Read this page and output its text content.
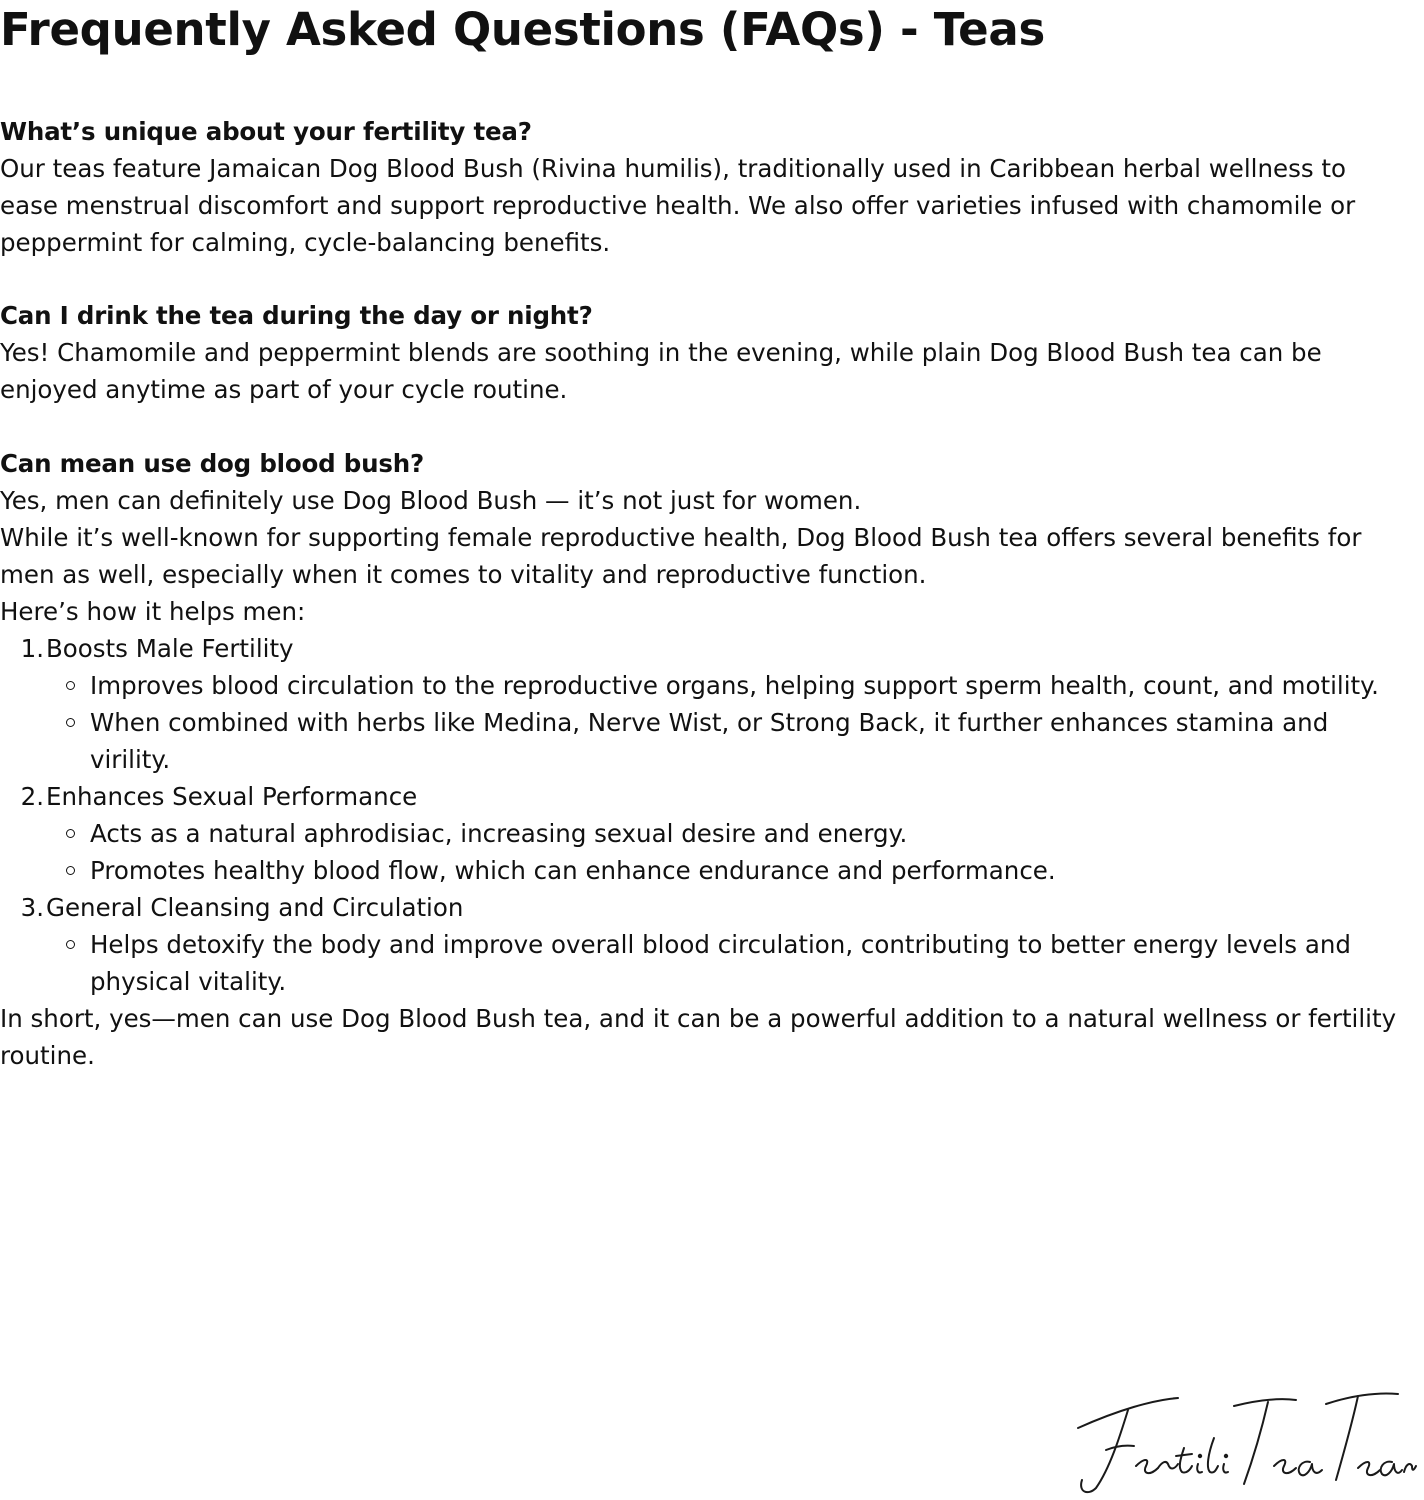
Frequently Asked Questions (FAQs) - Teas

What’s unique about your fertility tea?

Our teas feature Jamaican Dog Blood Bush (Rivina humilis), traditionally used in Caribbean herbal wellness to ease menstrual discomfort and support reproductive health. We also offer varieties infused with chamomile or peppermint for calming, cycle-balancing benefits.

Can I drink the tea during the day or night?

Yes! Chamomile and peppermint blends are soothing in the evening, while plain Dog Blood Bush tea can be enjoyed anytime as part of your cycle routine.

Can mean use dog blood bush?

Yes, men can definitely use Dog Blood Bush — it’s not just for women.

While it’s well-known for supporting female reproductive health, Dog Blood Bush tea offers several benefits for men as well, especially when it comes to vitality and reproductive function.

Here’s how it helps men:

1. Boosts Male Fertility
Improves blood circulation to the reproductive organs, helping support sperm health, count, and motility.
When combined with herbs like Medina, Nerve Wist, or Strong Back, it further enhances stamina and virility.
2. Enhances Sexual Performance
Acts as a natural aphrodisiac, increasing sexual desire and energy.
Promotes healthy blood flow, which can enhance endurance and performance.
3. General Cleansing and Circulation
Helps detoxify the body and improve overall blood circulation, contributing to better energy levels and physical vitality.

In short, yes—men can use Dog Blood Bush tea, and it can be a powerful addition to a natural wellness or fertility routine.
